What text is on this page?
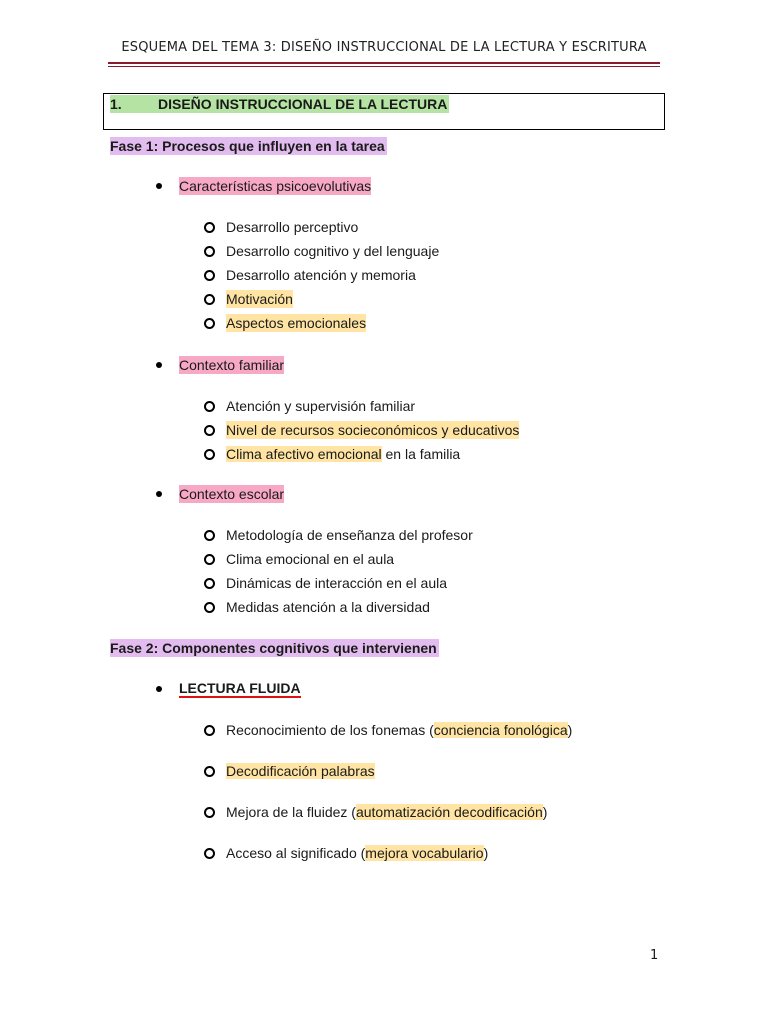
ESQUEMA DEL TEMA 3: DISEÑO INSTRUCCIONAL DE LA LECTURA Y ESCRITURA
1.	DISEÑO INSTRUCCIONAL DE LA LECTURA
Fase 1: Procesos que influyen en la tarea
Características psicoevolutivas
Desarrollo perceptivo
Desarrollo cognitivo y del lenguaje
Desarrollo atención y memoria
Motivación
Aspectos emocionales
Contexto familiar
Atención y supervisión familiar
Nivel de recursos socieconómicos y educativos
Clima afectivo emocional en la familia
Contexto escolar
Metodología de enseñanza del profesor
Clima emocional en el aula
Dinámicas de interacción en el aula
Medidas atención a la diversidad
Fase 2: Componentes cognitivos que intervienen
LECTURA FLUIDA
Reconocimiento de los fonemas (conciencia fonológica)
Decodificación palabras
Mejora de la fluidez (automatización decodificación)
Acceso al significado (mejora vocabulario)
1
